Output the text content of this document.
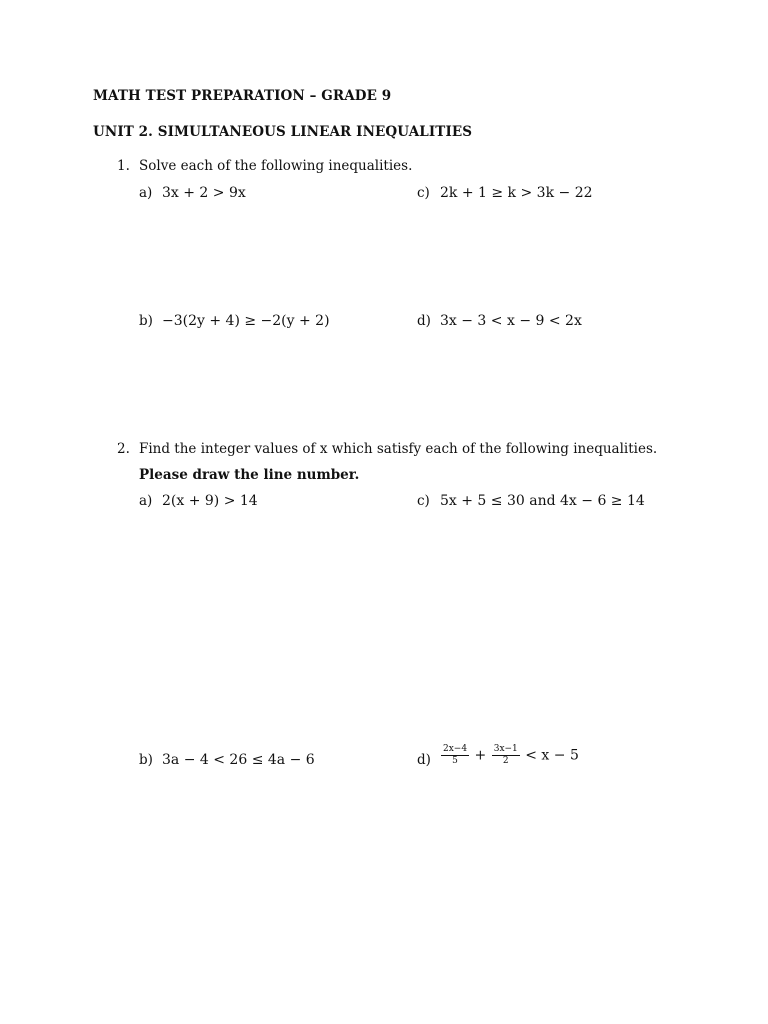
MATH TEST PREPARATION – GRADE 9
UNIT 2. SIMULTANEOUS LINEAR INEQUALITIES
1. Solve each of the following inequalities.
a) 3x + 2 > 9x	c) 2k + 1 ≥ k > 3k − 22
b) −3(2y + 4) ≥ −2(y + 2)	d) 3x − 3 < x − 9 < 2x
2. Find the integer values of x which satisfy each of the following inequalities.
Please draw the line number.
a) 2(x + 9) > 14	c) 5x + 5 ≤ 30 and 4x − 6 ≥ 14
b) 3a − 4 < 26 ≤ 4a − 6	$d) \frac{2x-4}{5} + \frac{3x-1}{2} < x - 5$
